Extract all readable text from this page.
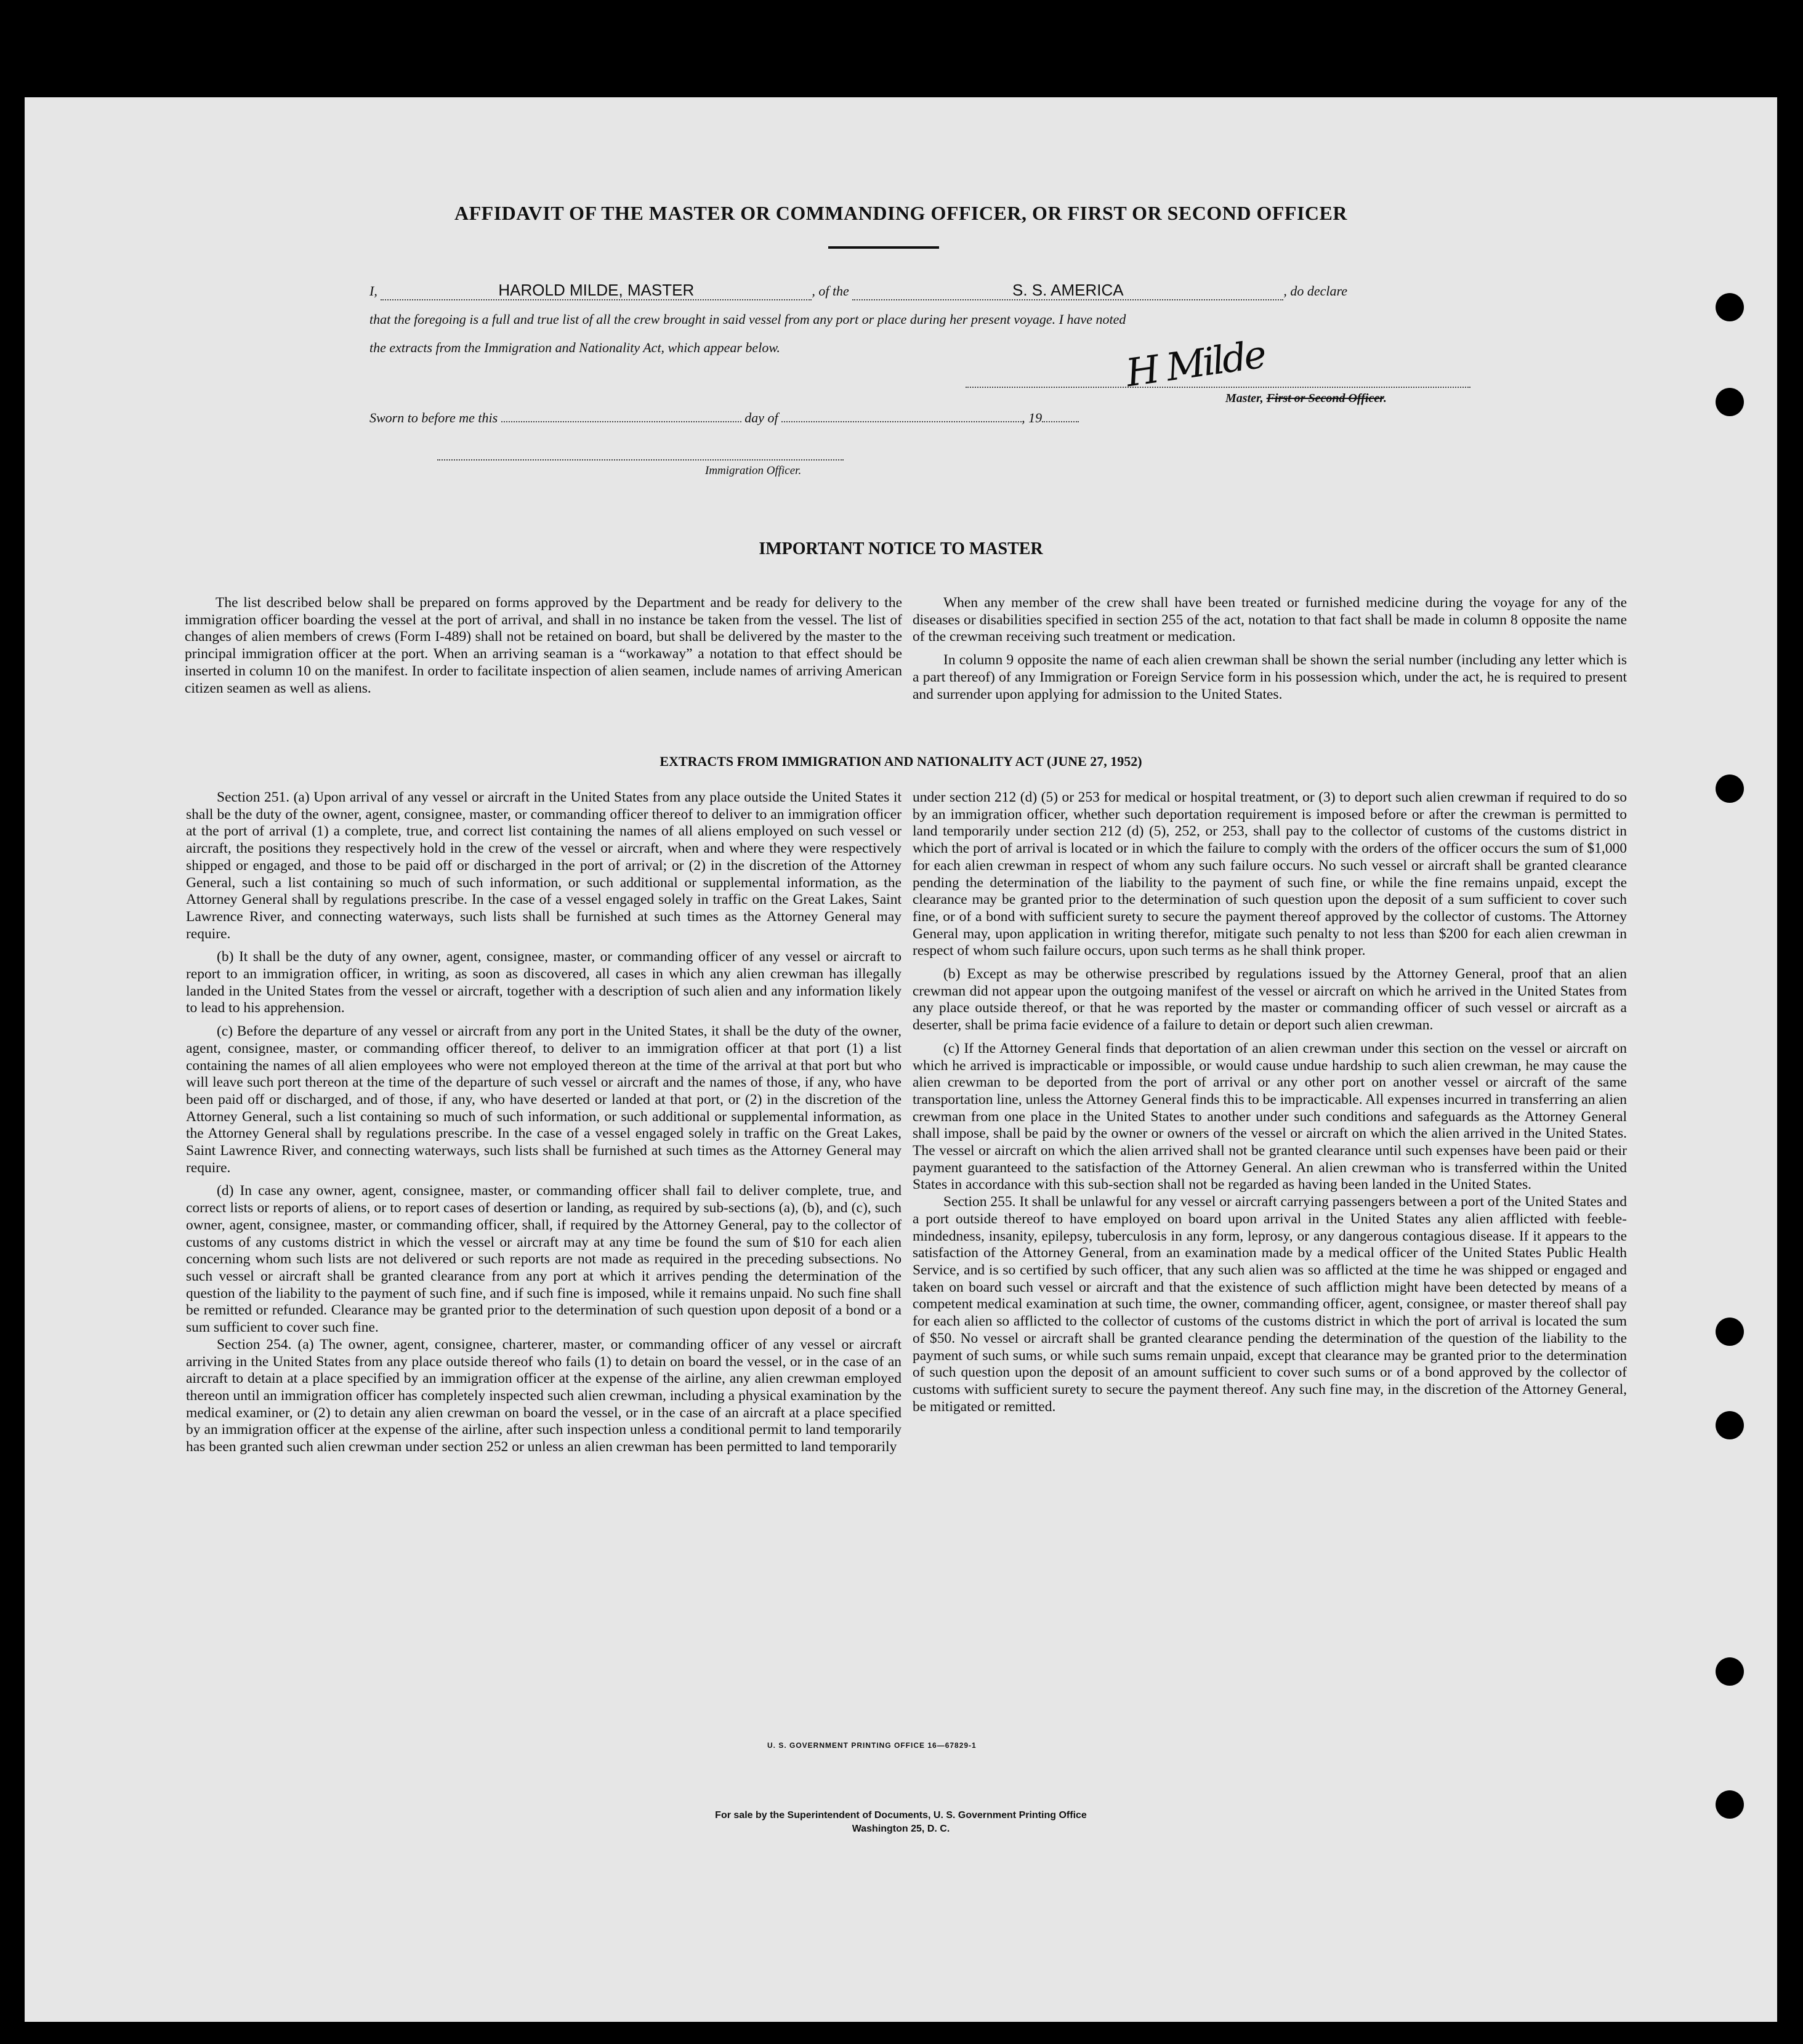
AFFIDAVIT OF THE MASTER OR COMMANDING OFFICER, OR FIRST OR SECOND OFFICER
I,	HAROLD MILDE, MASTER	, of the	S. S. AMERICA	, do declare
that the foregoing is a full and true list of all the crew brought in said vessel from any port or place during her present voyage. I have noted
the extracts from the Immigration and Nationality Act, which appear below.	H Milde
Master, First or Second Officer.
Sworn to before me this	day of	, 19
Immigration Officer.
IMPORTANT NOTICE TO MASTER

The list described below shall be prepared on forms approved by the Department and be ready for delivery to the immigration officer boarding the vessel at the port of arrival, and shall in no instance be taken from the vessel. The list of changes of alien members of crews (Form I-489) shall not be retained on board, but shall be delivered by the master to the principal immigration officer at the port. When an arriving seaman is a “workaway” a notation to that effect should be inserted in column 10 on the manifest. In order to facilitate inspection of alien seamen, include names of arriving American citizen seamen as well as aliens.

When any member of the crew shall have been treated or furnished medicine during the voyage for any of the diseases or disabilities specified in section 255 of the act, notation to that fact shall be made in column 8 opposite the name of the crewman receiving such treatment or medication.

In column 9 opposite the name of each alien crewman shall be shown the serial number (including any letter which is a part thereof) of any Immigration or Foreign Service form in his possession which, under the act, he is required to present and surrender upon applying for admission to the United States.

EXTRACTS FROM IMMIGRATION AND NATIONALITY ACT (JUNE 27, 1952)

Section 251. (a) Upon arrival of any vessel or aircraft in the United States from any place outside the United States it shall be the duty of the owner, agent, consignee, master, or commanding officer thereof to deliver to an immigration officer at the port of arrival (1) a complete, true, and correct list containing the names of all aliens employed on such vessel or aircraft, the positions they respectively hold in the crew of the vessel or aircraft, when and where they were respectively shipped or engaged, and those to be paid off or discharged in the port of arrival; or (2) in the discretion of the Attorney General, such a list containing so much of such information, or such additional or supplemental information, as the Attorney General shall by regulations prescribe. In the case of a vessel engaged solely in traffic on the Great Lakes, Saint Lawrence River, and connecting waterways, such lists shall be furnished at such times as the Attorney General may require.

(b) It shall be the duty of any owner, agent, consignee, master, or commanding officer of any vessel or aircraft to report to an immigration officer, in writing, as soon as discovered, all cases in which any alien crewman has illegally landed in the United States from the vessel or aircraft, together with a description of such alien and any information likely to lead to his apprehension.

(c) Before the departure of any vessel or aircraft from any port in the United States, it shall be the duty of the owner, agent, consignee, master, or commanding officer thereof, to deliver to an immigration officer at that port (1) a list containing the names of all alien employees who were not employed thereon at the time of the arrival at that port but who will leave such port thereon at the time of the departure of such vessel or aircraft and the names of those, if any, who have been paid off or discharged, and of those, if any, who have deserted or landed at that port, or (2) in the discretion of the Attorney General, such a list containing so much of such information, or such additional or supplemental information, as the Attorney General shall by regulations prescribe. In the case of a vessel engaged solely in traffic on the Great Lakes, Saint Lawrence River, and connecting waterways, such lists shall be furnished at such times as the Attorney General may require.

(d) In case any owner, agent, consignee, master, or commanding officer shall fail to deliver complete, true, and correct lists or reports of aliens, or to report cases of desertion or landing, as required by sub-sections (a), (b), and (c), such owner, agent, consignee, master, or commanding officer, shall, if required by the Attorney General, pay to the collector of customs of any customs district in which the vessel or aircraft may at any time be found the sum of $10 for each alien concerning whom such lists are not delivered or such reports are not made as required in the preceding subsections. No such vessel or aircraft shall be granted clearance from any port at which it arrives pending the determination of the question of the liability to the payment of such fine, and if such fine is imposed, while it remains unpaid. No such fine shall be remitted or refunded. Clearance may be granted prior to the determination of such question upon deposit of a bond or a sum sufficient to cover such fine.

Section 254. (a) The owner, agent, consignee, charterer, master, or commanding officer of any vessel or aircraft arriving in the United States from any place outside thereof who fails (1) to detain on board the vessel, or in the case of an aircraft to detain at a place specified by an immigration officer at the expense of the airline, any alien crewman employed thereon until an immigration officer has completely inspected such alien crewman, including a physical examination by the medical examiner, or (2) to detain any alien crewman on board the vessel, or in the case of an aircraft at a place specified by an immigration officer at the expense of the airline, after such inspection unless a conditional permit to land temporarily has been granted such alien crewman under section 252 or unless an alien crewman has been permitted to land temporarily

under section 212 (d) (5) or 253 for medical or hospital treatment, or (3) to deport such alien crewman if required to do so by an immigration officer, whether such deportation requirement is imposed before or after the crewman is permitted to land temporarily under section 212 (d) (5), 252, or 253, shall pay to the collector of customs of the customs district in which the port of arrival is located or in which the failure to comply with the orders of the officer occurs the sum of $1,000 for each alien crewman in respect of whom any such failure occurs. No such vessel or aircraft shall be granted clearance pending the determination of the liability to the payment of such fine, or while the fine remains unpaid, except the clearance may be granted prior to the determination of such question upon the deposit of a sum sufficient to cover such fine, or of a bond with sufficient surety to secure the payment thereof approved by the collector of customs. The Attorney General may, upon application in writing therefor, mitigate such penalty to not less than $200 for each alien crewman in respect of whom such failure occurs, upon such terms as he shall think proper.

(b) Except as may be otherwise prescribed by regulations issued by the Attorney General, proof that an alien crewman did not appear upon the outgoing manifest of the vessel or aircraft on which he arrived in the United States from any place outside thereof, or that he was reported by the master or commanding officer of such vessel or aircraft as a deserter, shall be prima facie evidence of a failure to detain or deport such alien crewman.

(c) If the Attorney General finds that deportation of an alien crewman under this section on the vessel or aircraft on which he arrived is impracticable or impossible, or would cause undue hardship to such alien crewman, he may cause the alien crewman to be deported from the port of arrival or any other port on another vessel or aircraft of the same transportation line, unless the Attorney General finds this to be impracticable. All expenses incurred in transferring an alien crewman from one place in the United States to another under such conditions and safeguards as the Attorney General shall impose, shall be paid by the owner or owners of the vessel or aircraft on which the alien arrived in the United States. The vessel or aircraft on which the alien arrived shall not be granted clearance until such expenses have been paid or their payment guaranteed to the satisfaction of the Attorney General. An alien crewman who is transferred within the United States in accordance with this sub-section shall not be regarded as having been landed in the United States.

Section 255. It shall be unlawful for any vessel or aircraft carrying passengers between a port of the United States and a port outside thereof to have employed on board upon arrival in the United States any alien afflicted with feeble-mindedness, insanity, epilepsy, tuberculosis in any form, leprosy, or any dangerous contagious disease. If it appears to the satisfaction of the Attorney General, from an examination made by a medical officer of the United States Public Health Service, and is so certified by such officer, that any such alien was so afflicted at the time he was shipped or engaged and taken on board such vessel or aircraft and that the existence of such affliction might have been detected by means of a competent medical examination at such time, the owner, commanding officer, agent, consignee, or master thereof shall pay for each alien so afflicted to the collector of customs of the customs district in which the port of arrival is located the sum of $50. No vessel or aircraft shall be granted clearance pending the determination of the question of the liability to the payment of such sums, or while such sums remain unpaid, except that clearance may be granted prior to the determination of such question upon the deposit of an amount sufficient to cover such sums or of a bond approved by the collector of customs with sufficient surety to secure the payment thereof. Any such fine may, in the discretion of the Attorney General, be mitigated or remitted.

U. S. GOVERNMENT PRINTING OFFICE 16—67829-1
For sale by the Superintendent of Documents, U. S. Government Printing Office
Washington 25, D. C.
